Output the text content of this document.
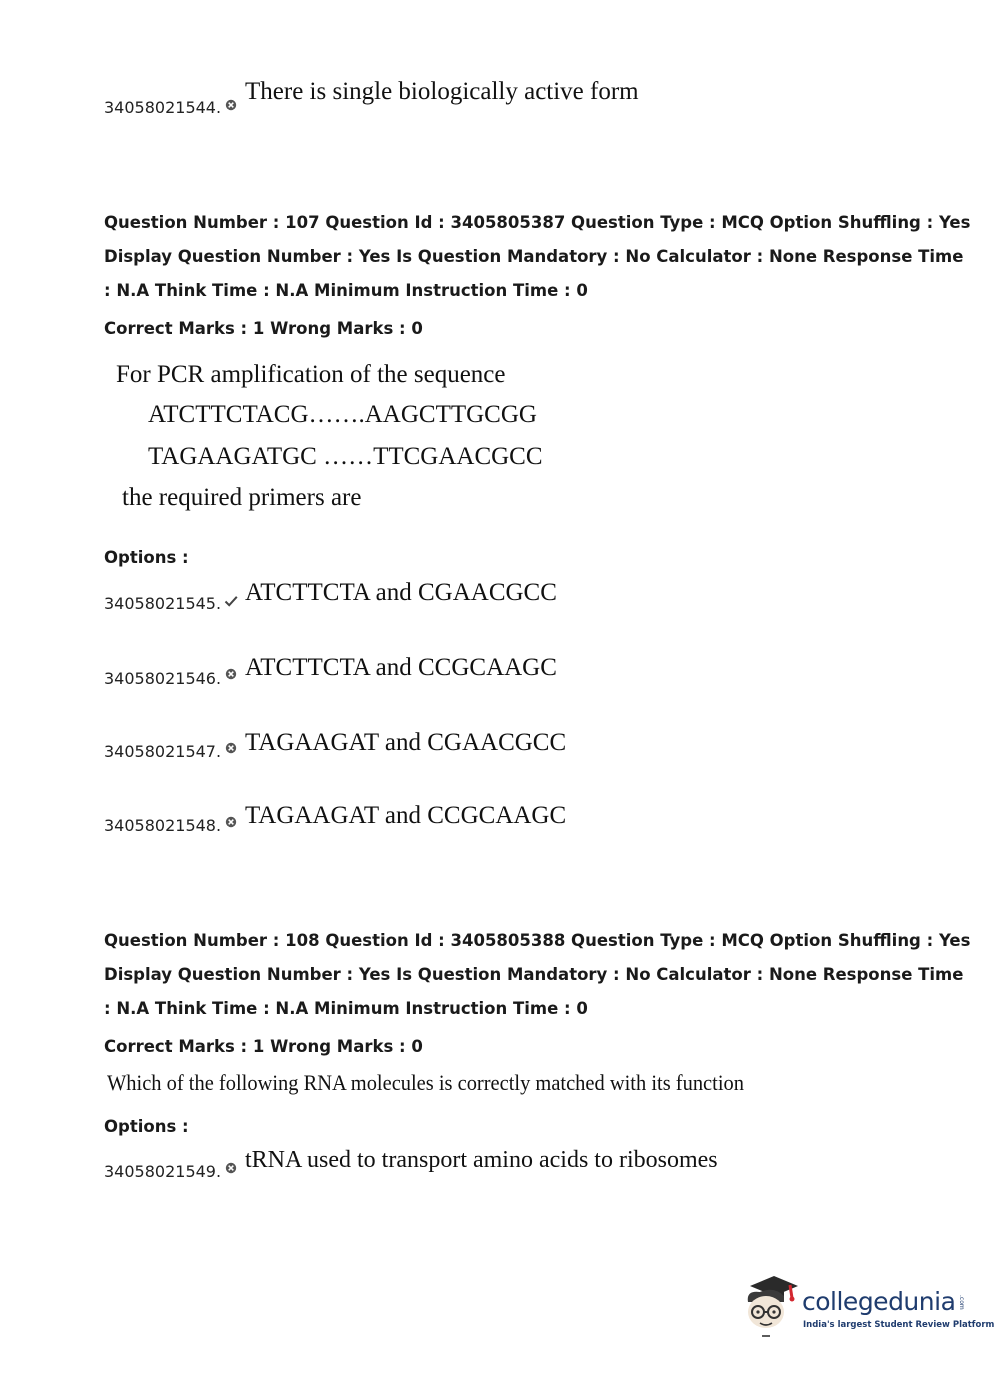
34058021544.
There is single biologically active form
Question Number : 107 Question Id : 3405805387 Question Type : MCQ Option Shuffling : Yes
Display Question Number : Yes Is Question Mandatory : No Calculator : None Response Time
: N.A Think Time : N.A Minimum Instruction Time : 0
Correct Marks : 1 Wrong Marks : 0
For PCR amplification of the sequence
ATCTTCTACG…….AAGCTTGCGG
TAGAAGATGC ……TTCGAACGCC
the required primers are
Options :
34058021545. ATCTTCTA and CGAACGCC
34058021546. ATCTTCTA and CCGCAAGC
34058021547. TAGAAGAT and CGAACGCC
34058021548. TAGAAGAT and CCGCAAGC
Question Number : 108 Question Id : 3405805388 Question Type : MCQ Option Shuffling : Yes
Display Question Number : Yes Is Question Mandatory : No Calculator : None Response Time
: N.A Think Time : N.A Minimum Instruction Time : 0
Correct Marks : 1 Wrong Marks : 0
Which of the following RNA molecules is correctly matched with its function
Options :
34058021549. tRNA used to transport amino acids to ribosomes
collegedunia .com
India's largest Student Review Platform
